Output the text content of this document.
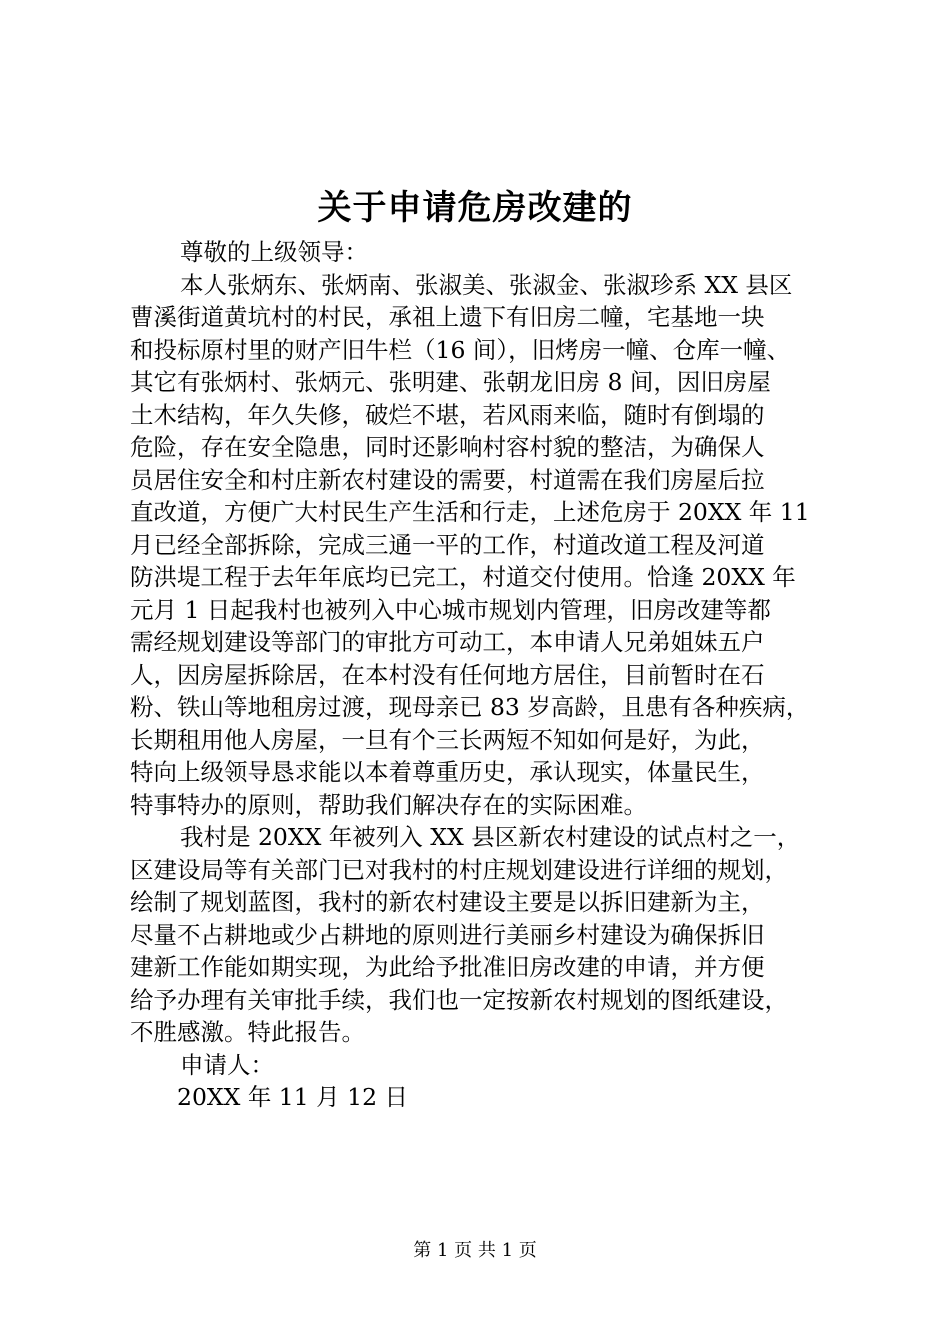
关于申请危房改建的
尊敬的上级领导：
本人张炳东、张炳南、张淑美、张淑金、张淑珍系 XX 县区
曹溪街道黄坑村的村民，承祖上遗下有旧房二幢，宅基地一块
和投标原村里的财产旧牛栏（16 间），旧烤房一幢、仓库一幢、
其它有张炳村、张炳元、张明建、张朝龙旧房 8 间，因旧房屋
土木结构，年久失修，破烂不堪，若风雨来临，随时有倒塌的
危险，存在安全隐患，同时还影响村容村貌的整洁，为确保人
员居住安全和村庄新农村建设的需要，村道需在我们房屋后拉
直改道，方便广大村民生产生活和行走，上述危房于 20XX 年 11
月已经全部拆除，完成三通一平的工作，村道改道工程及河道
防洪堤工程于去年年底均已完工，村道交付使用。恰逢 20XX 年
元月 1 日起我村也被列入中心城市规划内管理，旧房改建等都
需经规划建设等部门的审批方可动工，本申请人兄弟姐妹五户
人，因房屋拆除居，在本村没有任何地方居住，目前暂时在石
粉、铁山等地租房过渡，现母亲已 83 岁高龄，且患有各种疾病，
长期租用他人房屋，一旦有个三长两短不知如何是好，为此，
特向上级领导恳求能以本着尊重历史，承认现实，体量民生，
特事特办的原则，帮助我们解决存在的实际困难。
我村是 20XX 年被列入 XX 县区新农村建设的试点村之一，
区建设局等有关部门已对我村的村庄规划建设进行详细的规划，
绘制了规划蓝图，我村的新农村建设主要是以拆旧建新为主，
尽量不占耕地或少占耕地的原则进行美丽乡村建设为确保拆旧
建新工作能如期实现，为此给予批准旧房改建的申请，并方便
给予办理有关审批手续，我们也一定按新农村规划的图纸建设，
不胜感激。特此报告。
申请人：
20XX 年 11 月 12 日
第 1 页 共 1 页
